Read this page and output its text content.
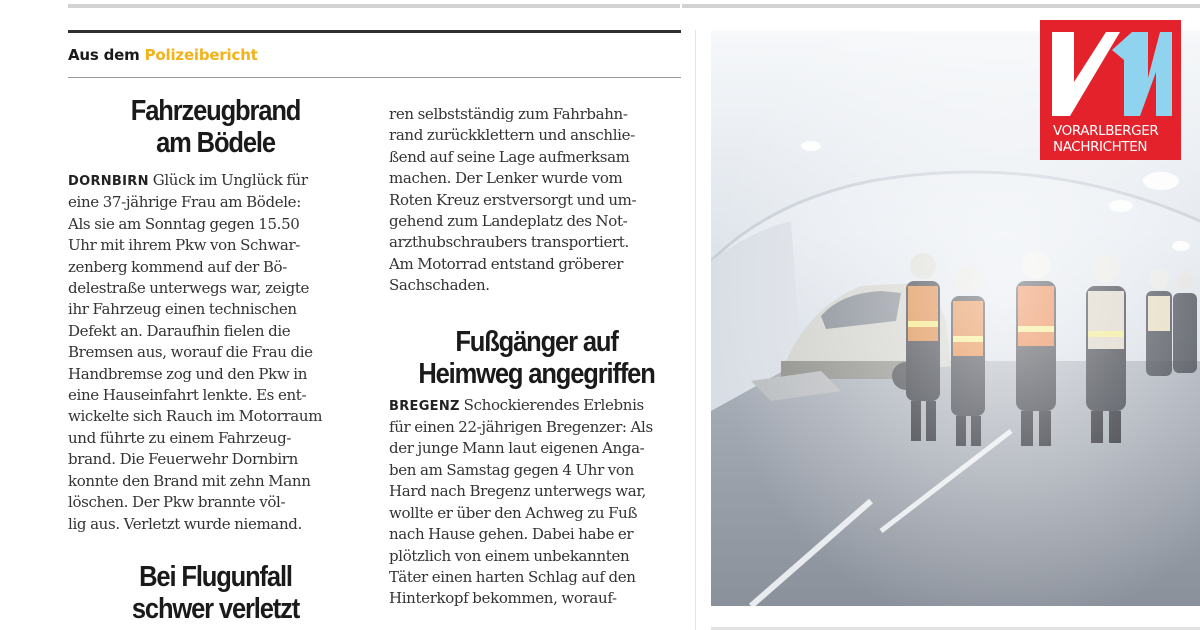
Aus dem Polizeibericht
Fahrzeugbrand
am Bödele
DORNBIRN Glück im Unglück für
eine 37-jährige Frau am Bödele:
Als sie am Sonntag gegen 15.50
Uhr mit ihrem Pkw von Schwar-
zenberg kommend auf der Bö-
delestraße unterwegs war, zeigte
ihr Fahrzeug einen technischen
Defekt an. Daraufhin fielen die
Bremsen aus, worauf die Frau die
Handbremse zog und den Pkw in
eine Hauseinfahrt lenkte. Es ent-
wickelte sich Rauch im Motorraum
und führte zu einem Fahrzeug-
brand. Die Feuerwehr Dornbirn
konnte den Brand mit zehn Mann
löschen. Der Pkw brannte völ-
lig aus. Verletzt wurde niemand.
Bei Flugunfall
schwer verletzt
ren selbstständig zum Fahrbahn-
rand zurückklettern und anschlie-
ßend auf seine Lage aufmerksam
machen. Der Lenker wurde vom
Roten Kreuz erstversorgt und um-
gehend zum Landeplatz des Not-
arzthubschraubers transportiert.
Am Motorrad entstand gröberer
Sachschaden.
Fußgänger auf
Heimweg angegriffen
BREGENZ Schockierendes Erlebnis
für einen 22-jährigen Bregenzer: Als
der junge Mann laut eigenen Anga-
ben am Samstag gegen 4 Uhr von
Hard nach Bregenz unterwegs war,
wollte er über den Achweg zu Fuß
nach Hause gehen. Dabei habe er
plötzlich von einem unbekannten
Täter einen harten Schlag auf den
Hinterkopf bekommen, worauf-
VORARLBERGER
NACHRICHTEN
